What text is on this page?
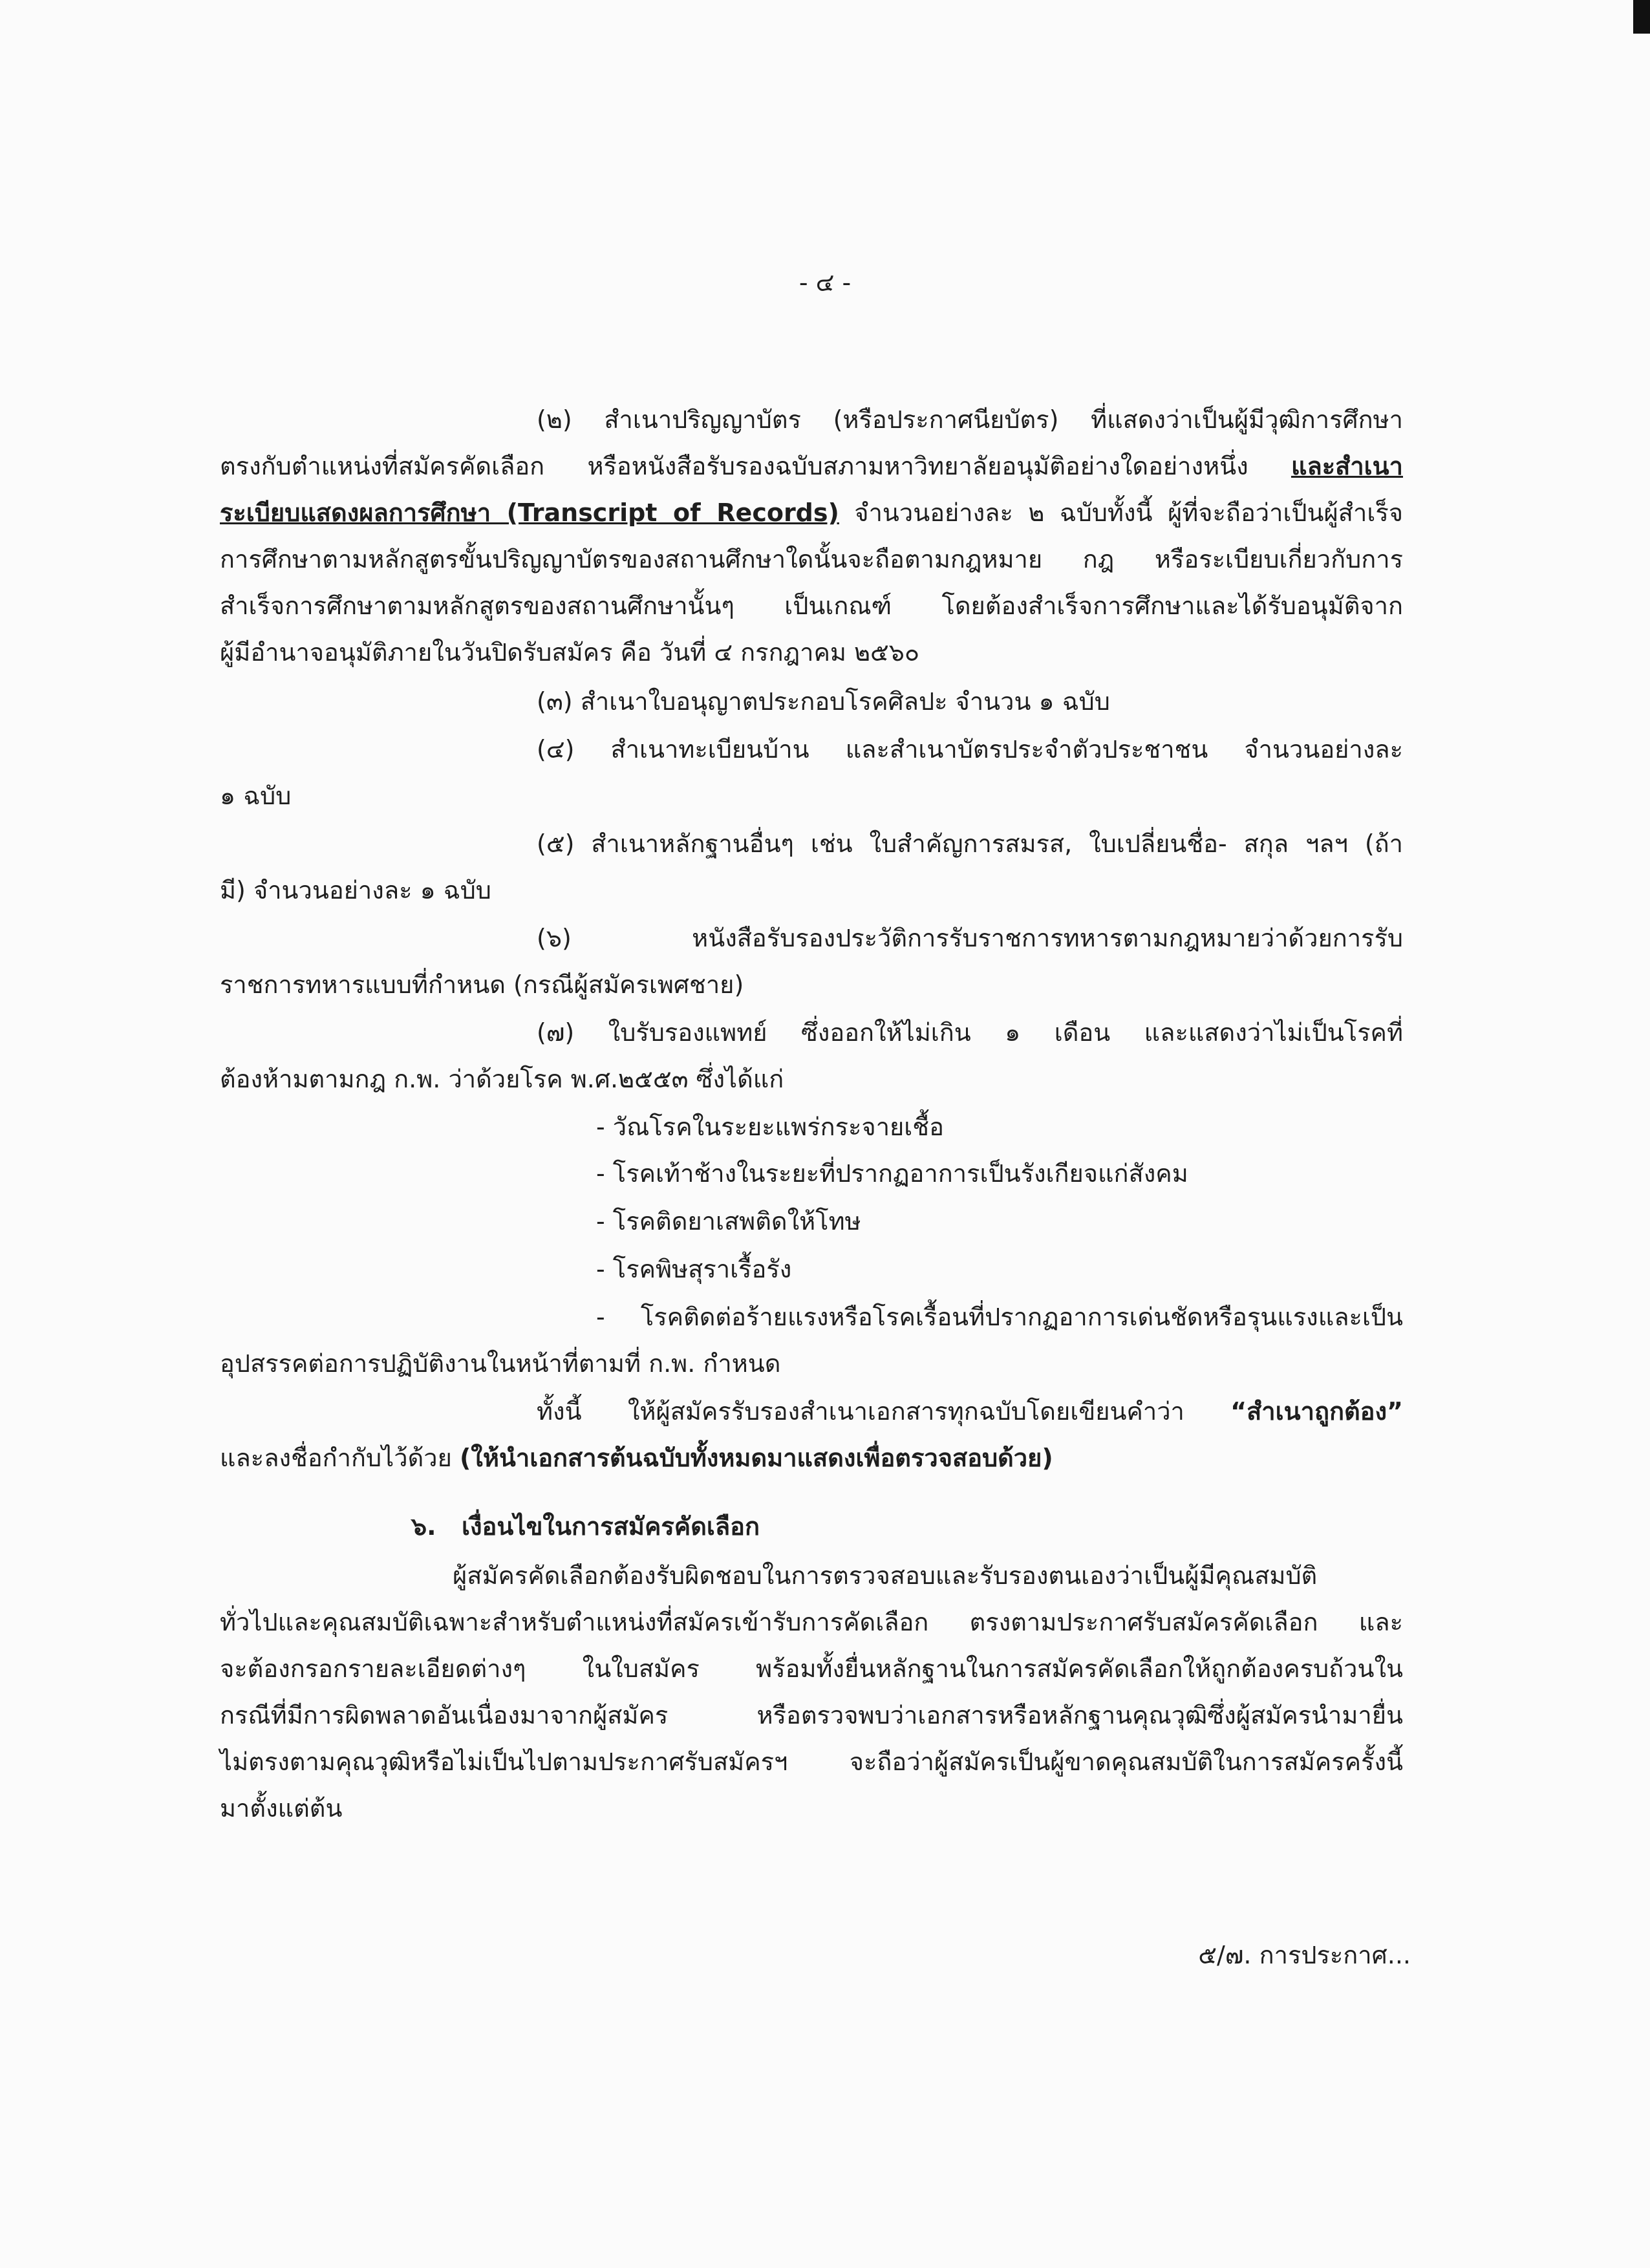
- ๔ -
(๒) สำเนาปริญญาบัตร (หรือประกาศนียบัตร) ที่แสดงว่าเป็นผู้มีวุฒิการศึกษา
ตรงกับตำแหน่งที่สมัครคัดเลือก หรือหนังสือรับรองฉบับสภามหาวิทยาลัยอนุมัติอย่างใดอย่างหนึ่ง และสำเนา
ระเบียบแสดงผลการศึกษา (Transcript of Records) จำนวนอย่างละ ๒ ฉบับทั้งนี้ ผู้ที่จะถือว่าเป็นผู้สำเร็จ
การศึกษาตามหลักสูตรขั้นปริญญาบัตรของสถานศึกษาใดนั้นจะถือตามกฎหมาย กฎ หรือระเบียบเกี่ยวกับการ
สำเร็จการศึกษาตามหลักสูตรของสถานศึกษานั้นๆ เป็นเกณฑ์ โดยต้องสำเร็จการศึกษาและได้รับอนุมัติจาก
ผู้มีอำนาจอนุมัติภายในวันปิดรับสมัคร คือ วันที่ ๔ กรกฎาคม ๒๕๖๐
(๓) สำเนาใบอนุญาตประกอบโรคศิลปะ จำนวน ๑ ฉบับ
(๔) สำเนาทะเบียนบ้าน และสำเนาบัตรประจำตัวประชาชน จำนวนอย่างละ
๑ ฉบับ
(๕) สำเนาหลักฐานอื่นๆ เช่น ใบสำคัญการสมรส, ใบเปลี่ยนชื่อ- สกุล ฯลฯ (ถ้า
มี) จำนวนอย่างละ ๑ ฉบับ
(๖) หนังสือรับรองประวัติการรับราชการทหารตามกฎหมายว่าด้วยการรับ
ราชการทหารแบบที่กำหนด (กรณีผู้สมัครเพศชาย)
(๗) ใบรับรองแพทย์ ซึ่งออกให้ไม่เกิน ๑ เดือน และแสดงว่าไม่เป็นโรคที่
ต้องห้ามตามกฎ ก.พ. ว่าด้วยโรค พ.ศ.๒๕๕๓ ซึ่งได้แก่
- วัณโรคในระยะแพร่กระจายเชื้อ
- โรคเท้าช้างในระยะที่ปรากฏอาการเป็นรังเกียจแก่สังคม
- โรคติดยาเสพติดให้โทษ
- โรคพิษสุราเรื้อรัง
- โรคติดต่อร้ายแรงหรือโรคเรื้อนที่ปรากฏอาการเด่นชัดหรือรุนแรงและเป็น
อุปสรรคต่อการปฏิบัติงานในหน้าที่ตามที่ ก.พ. กำหนด
ทั้งนี้ ให้ผู้สมัครรับรองสำเนาเอกสารทุกฉบับโดยเขียนคำว่า “สำเนาถูกต้อง”
และลงชื่อกำกับไว้ด้วย (ให้นำเอกสารต้นฉบับทั้งหมดมาแสดงเพื่อตรวจสอบด้วย)
๖. เงื่อนไขในการสมัครคัดเลือก
ผู้สมัครคัดเลือกต้องรับผิดชอบในการตรวจสอบและรับรองตนเองว่าเป็นผู้มีคุณสมบัติ
ทั่วไปและคุณสมบัติเฉพาะสำหรับตำแหน่งที่สมัครเข้ารับการคัดเลือก ตรงตามประกาศรับสมัครคัดเลือก และ
จะต้องกรอกรายละเอียดต่างๆ ในใบสมัคร พร้อมทั้งยื่นหลักฐานในการสมัครคัดเลือกให้ถูกต้องครบถ้วนใน
กรณีที่มีการผิดพลาดอันเนื่องมาจากผู้สมัคร หรือตรวจพบว่าเอกสารหรือหลักฐานคุณวุฒิซึ่งผู้สมัครนำมายื่น
ไม่ตรงตามคุณวุฒิหรือไม่เป็นไปตามประกาศรับสมัครฯ จะถือว่าผู้สมัครเป็นผู้ขาดคุณสมบัติในการสมัครครั้งนี้
มาตั้งแต่ต้น
๕/๗. การประกาศ...
